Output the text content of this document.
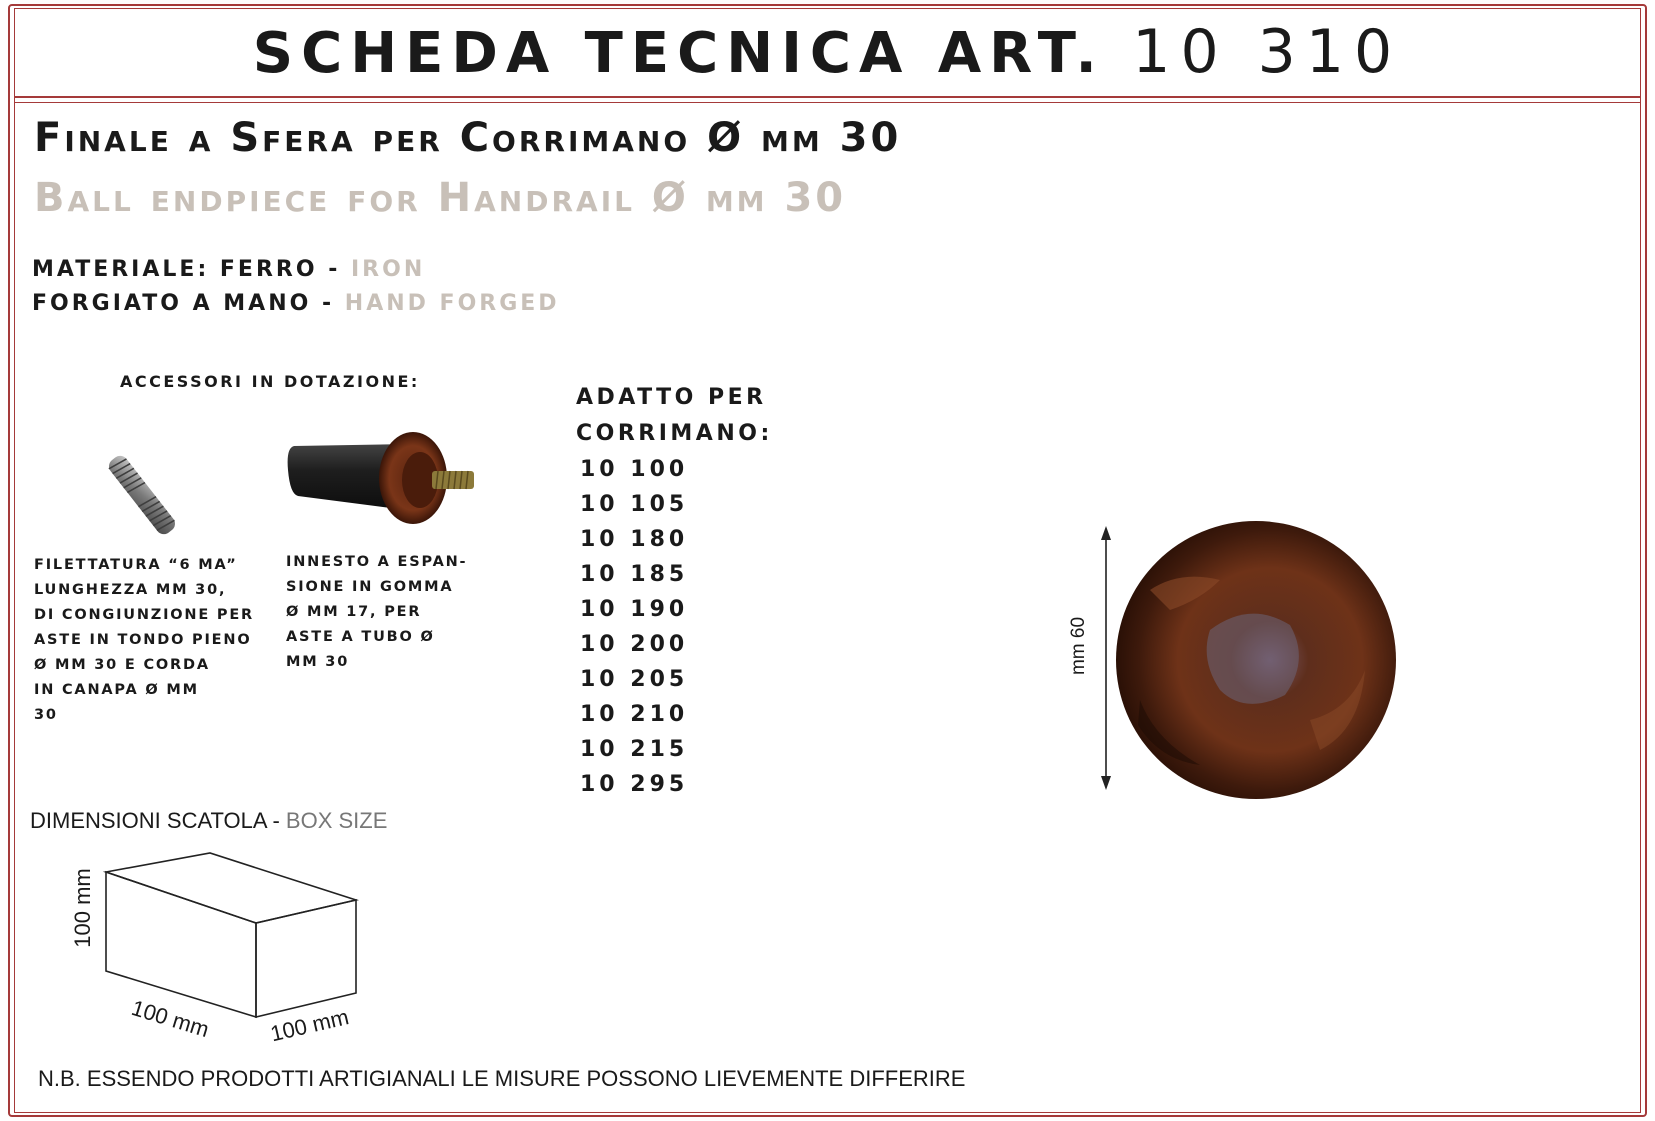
SCHEDA TECNICA ART. 10 310
Finale a Sfera per Corrimano Ø mm 30
Ball endpiece for Handrail Ø mm 30
MATERIALE: FERRO - IRON
FORGIATO A MANO - HAND FORGED
ACCESSORI IN DOTAZIONE:
FILETTATURA “6 MA”
LUNGHEZZA MM 30,
DI CONGIUNZIONE PER
ASTE IN TONDO PIENO
Ø MM 30 E CORDA
IN CANAPA Ø MM
30
INNESTO A ESPAN-
SIONE IN GOMMA
Ø MM 17, PER
ASTE A TUBO Ø
MM 30
ADATTO PER
CORRIMANO:
10 100
10 105
10 180
10 185
10 190
10 200
10 205
10 210
10 215
10 295
mm 60
DIMENSIONI SCATOLA - BOX SIZE
100 mm
100 mm	100 mm
N.B. ESSENDO PRODOTTI ARTIGIANALI LE MISURE POSSONO LIEVEMENTE DIFFERIRE
